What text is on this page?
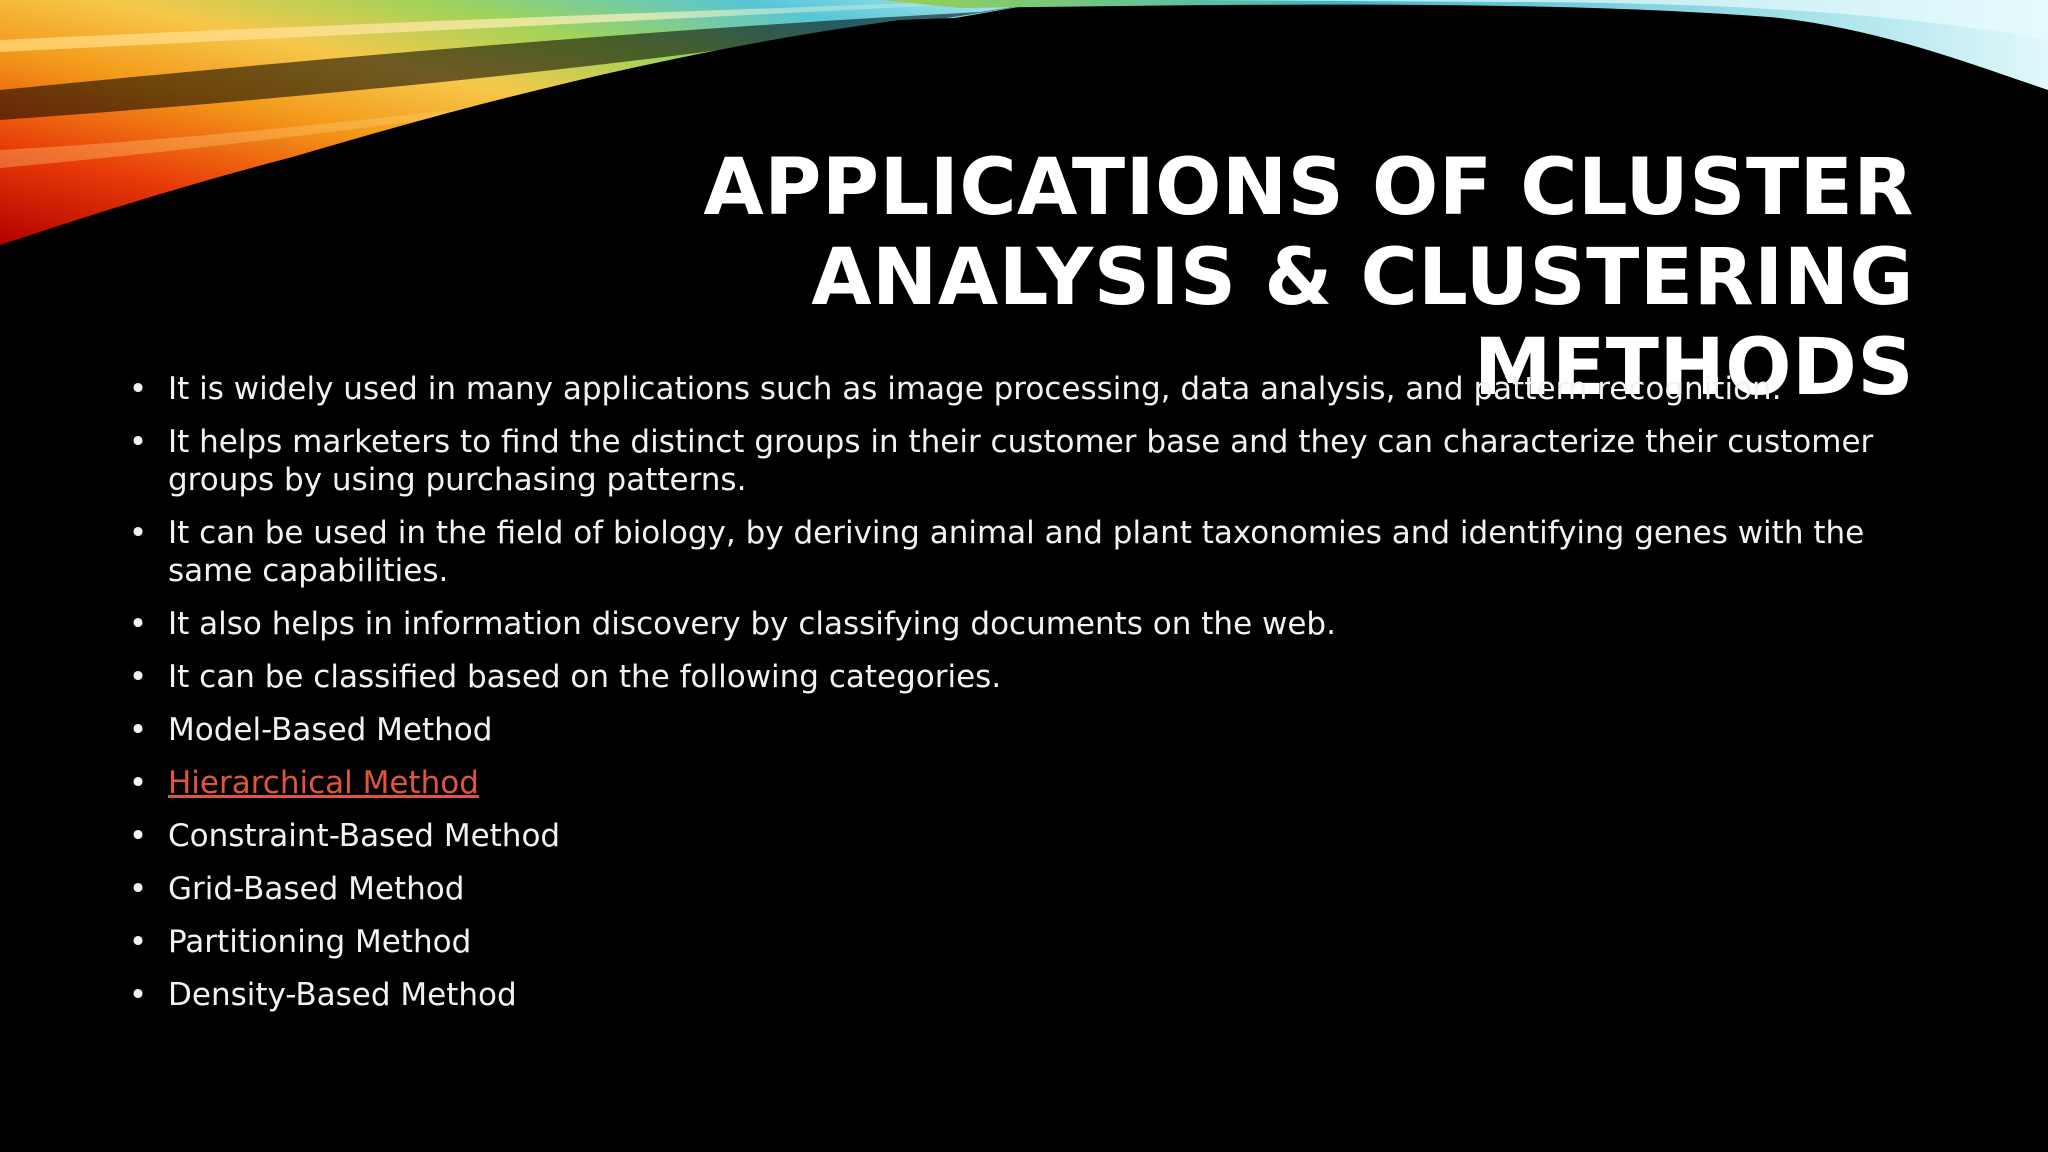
APPLICATIONS OF CLUSTER
ANALYSIS & CLUSTERING METHODS
• It is widely used in many applications such as image processing, data analysis, and pattern recognition.
• It helps marketers to find the distinct groups in their customer base and they can characterize their customer groups by using purchasing patterns.
• It can be used in the field of biology, by deriving animal and plant taxonomies and identifying genes with the same capabilities.
• It also helps in information discovery by classifying documents on the web.
• It can be classified based on the following categories.
• Model-Based Method
• Hierarchical Method
• Constraint-Based Method
• Grid-Based Method
• Partitioning Method
• Density-Based Method
